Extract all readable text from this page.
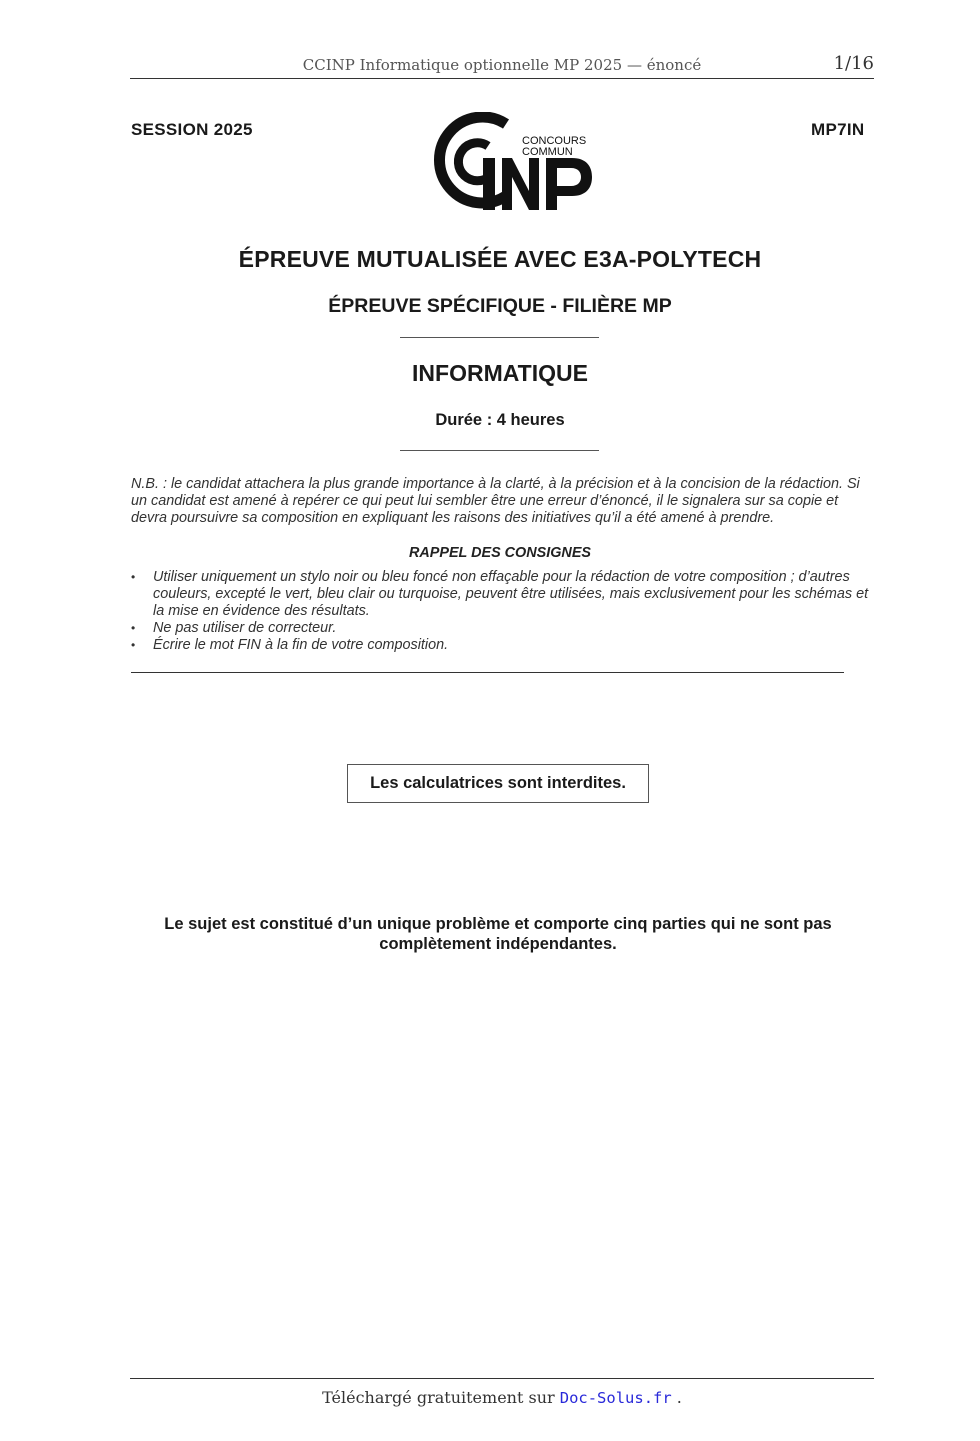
CCINP Informatique optionnelle MP 2025 — énoncé	1/16
SESSION 2025	MP7IN
CONCOURS
COMMUN
ÉPREUVE MUTUALISÉE AVEC E3A-POLYTECH
ÉPREUVE SPÉCIFIQUE - FILIÈRE MP
INFORMATIQUE
Durée : 4 heures
N.B. : le candidat attachera la plus grande importance à la clarté, à la précision et à la concision de la rédaction. Si un candidat est amené à repérer ce qui peut lui sembler être une erreur d’énoncé, il le signalera sur sa copie et devra poursuivre sa composition en expliquant les raisons des initiatives qu’il a été amené à prendre.
RAPPEL DES CONSIGNES
• Utiliser uniquement un stylo noir ou bleu foncé non effaçable pour la rédaction de votre composition ; d’autres couleurs, excepté le vert, bleu clair ou turquoise, peuvent être utilisées, mais exclusivement pour les schémas et la mise en évidence des résultats.
• Ne pas utiliser de correcteur.
• Écrire le mot FIN à la fin de votre composition.
Les calculatrices sont interdites.
Le sujet est constitué d’un unique problème et comporte cinq parties qui ne sont pas complètement indépendantes.
Téléchargé gratuitement sur Doc-Solus.fr .
